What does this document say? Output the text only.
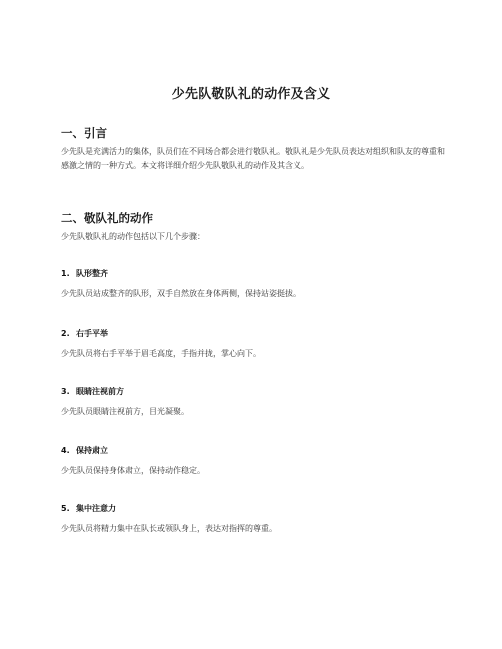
少先队敬队礼的动作及含义
一、引言
少先队是充满活力的集体，队员们在不同场合都会进行敬队礼。敬队礼是少先队员表达对组织和队友的尊重和感激之情的一种方式。本文将详细介绍少先队敬队礼的动作及其含义。
二、敬队礼的动作
少先队敬队礼的动作包括以下几个步骤：
1. 队形整齐
少先队员站成整齐的队形，双手自然放在身体两侧，保持站姿挺拔。
2. 右手平举
少先队员将右手平举于眉毛高度，手指并拢，掌心向下。
3. 眼睛注视前方
少先队员眼睛注视前方，目光凝聚。
4. 保持肃立
少先队员保持身体肃立，保持动作稳定。
5. 集中注意力
少先队员将精力集中在队长或领队身上，表达对指挥的尊重。
